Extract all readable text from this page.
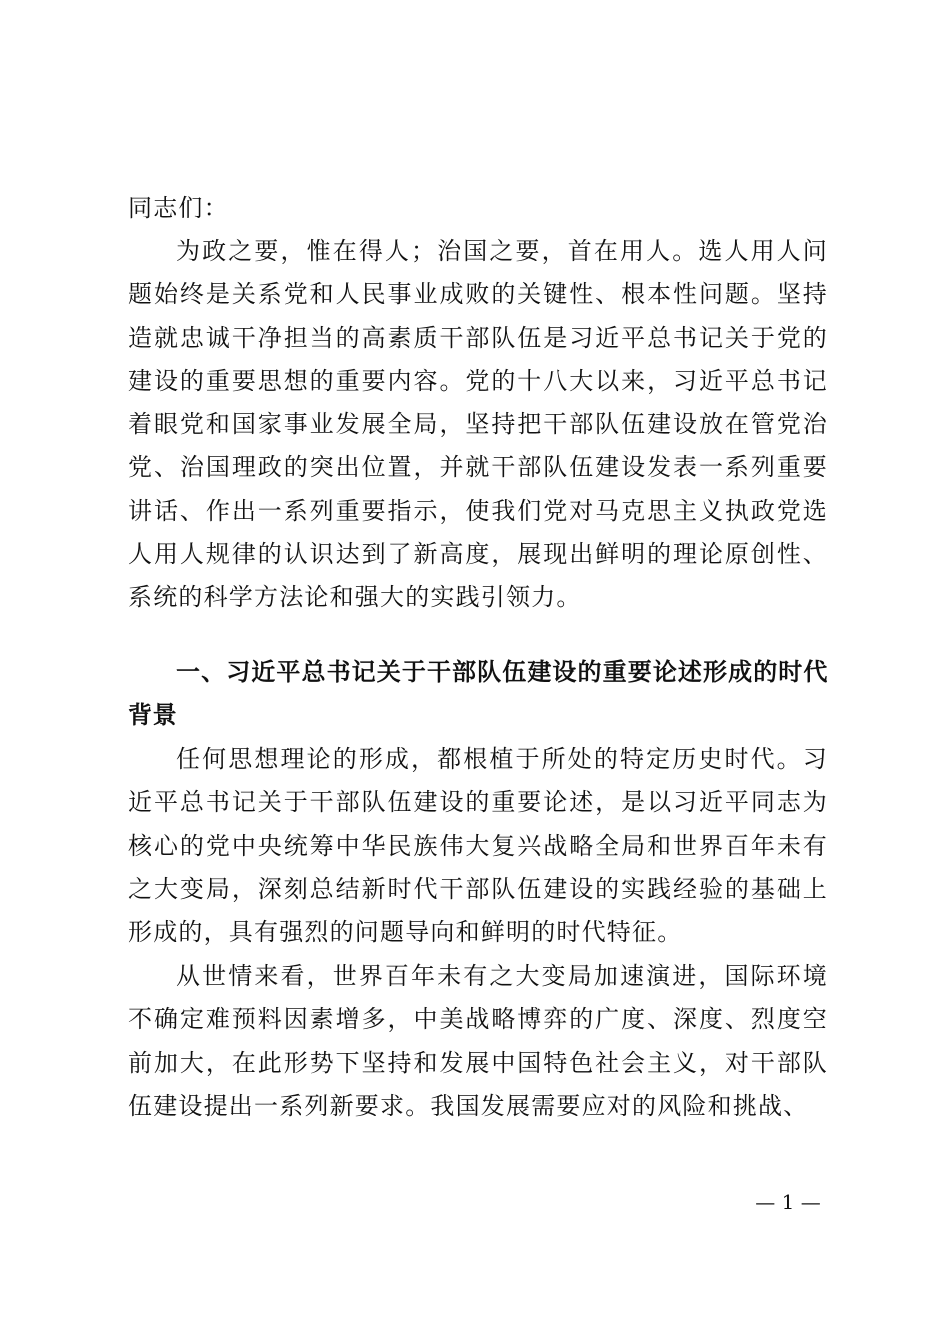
同志们：
为政之要，惟在得人；治国之要，首在用人。选人用人问题始终是关系党和人民事业成败的关键性、根本性问题。坚持造就忠诚干净担当的高素质干部队伍是习近平总书记关于党的建设的重要思想的重要内容。党的十八大以来，习近平总书记着眼党和国家事业发展全局，坚持把干部队伍建设放在管党治党、治国理政的突出位置，并就干部队伍建设发表一系列重要讲话、作出一系列重要指示，使我们党对马克思主义执政党选人用人规律的认识达到了新高度，展现出鲜明的理论原创性、系统的科学方法论和强大的实践引领力。
一、习近平总书记关于干部队伍建设的重要论述形成的时代背景
任何思想理论的形成，都根植于所处的特定历史时代。习近平总书记关于干部队伍建设的重要论述，是以习近平同志为核心的党中央统筹中华民族伟大复兴战略全局和世界百年未有之大变局，深刻总结新时代干部队伍建设的实践经验的基础上形成的，具有强烈的问题导向和鲜明的时代特征。
从世情来看，世界百年未有之大变局加速演进，国际环境不确定难预料因素增多，中美战略博弈的广度、深度、烈度空前加大，在此形势下坚持和发展中国特色社会主义，对干部队伍建设提出一系列新要求。我国发展需要应对的风险和挑战、
— 1 —
